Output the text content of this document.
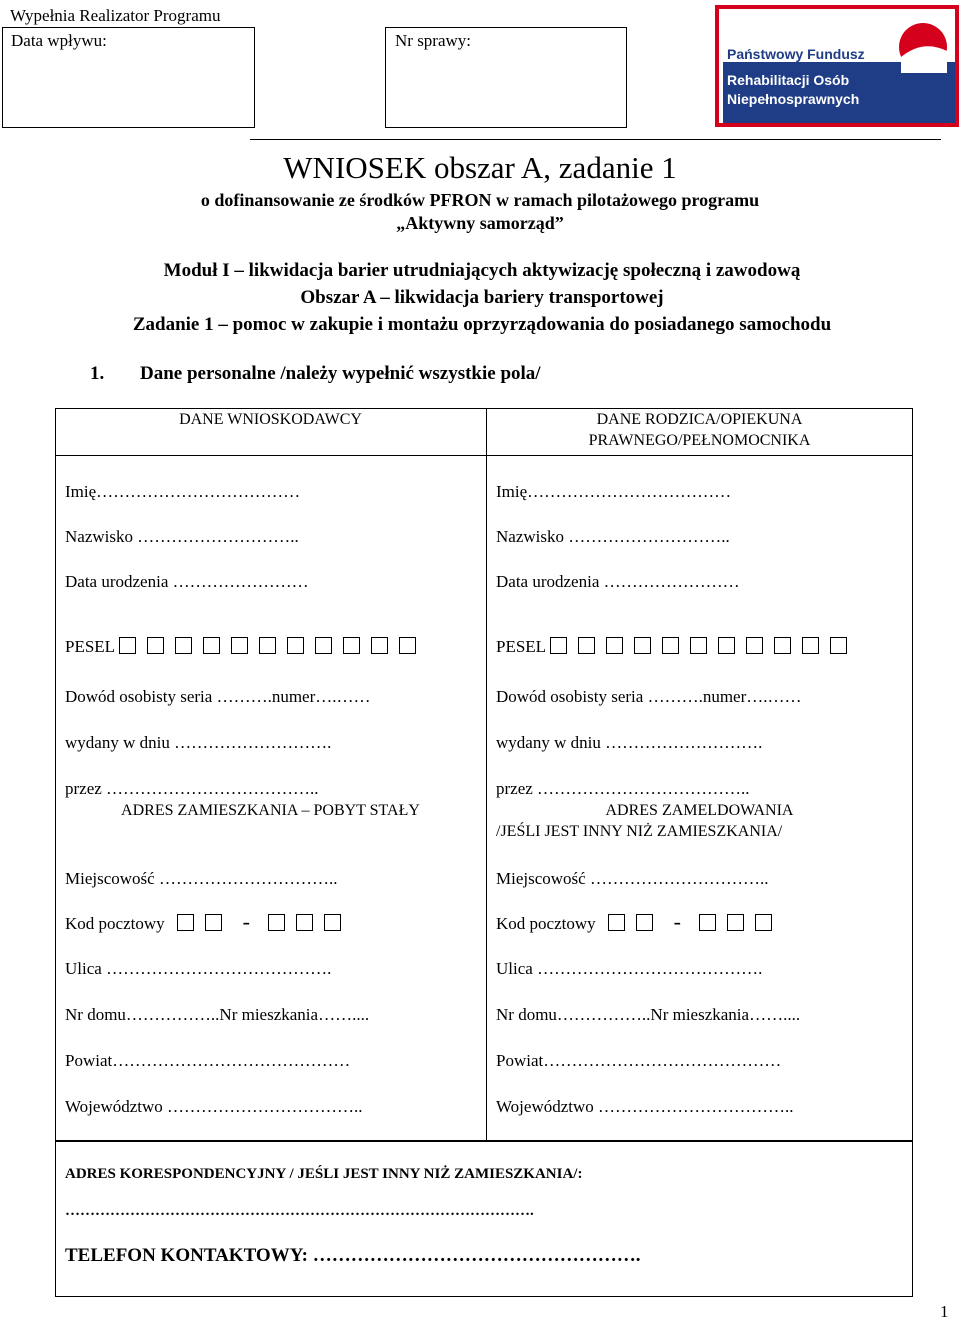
Wypełnia Realizator Programu
Data wpływu:	Nr sprawy:
Państwowy Fundusz
Rehabilitacji Osób
Niepełnosprawnych
WNIOSEK obszar A, zadanie 1
o dofinansowanie ze środków PFRON w ramach pilotażowego programu
„Aktywny samorząd”
Moduł I – likwidacja barier utrudniających aktywizację społeczną i zawodową
Obszar A – likwidacja bariery transportowej
Zadanie 1 – pomoc w zakupie i montażu oprzyrządowania do posiadanego samochodu
1. Dane personalne /należy wypełnić wszystkie pola/
DANE WNIOSKODAWCY	DANE RODZICA/OPIEKUNA
PRAWNEGO/PEŁNOMOCNIKA
Imię………………………………
Nazwisko ………………………..
Data urodzenia ……………………
PESEL
Dowód osobisty seria ……….numer….……
wydany w dniu ……………………….
przez ………………………………..
ADRES ZAMIESZKANIA – POBYT STAŁY
Miejscowość …………………………..
Kod pocztowy	-
Ulica ………………………………….
Nr domu……………..Nr mieszkania……....
Powiat……………………………………
Województwo ……………………………..
Imię………………………………
Nazwisko ………………………..
Data urodzenia ……………………
PESEL
Dowód osobisty seria ……….numer….……
wydany w dniu ……………………….
przez ………………………………..
ADRES ZAMELDOWANIA
/JEŚLI JEST INNY NIŻ ZAMIESZKANIA/
Miejscowość …………………………..
Kod pocztowy	-
Ulica ………………………………….
Nr domu……………..Nr mieszkania……....
Powiat……………………………………
Województwo ……………………………..
ADRES KORESPONDENCYJNY / JEŚLI JEST INNY NIŻ ZAMIESZKANIA/:
………………………………………………………………………………….
TELEFON KONTAKTOWY: …………………………………………….
1
